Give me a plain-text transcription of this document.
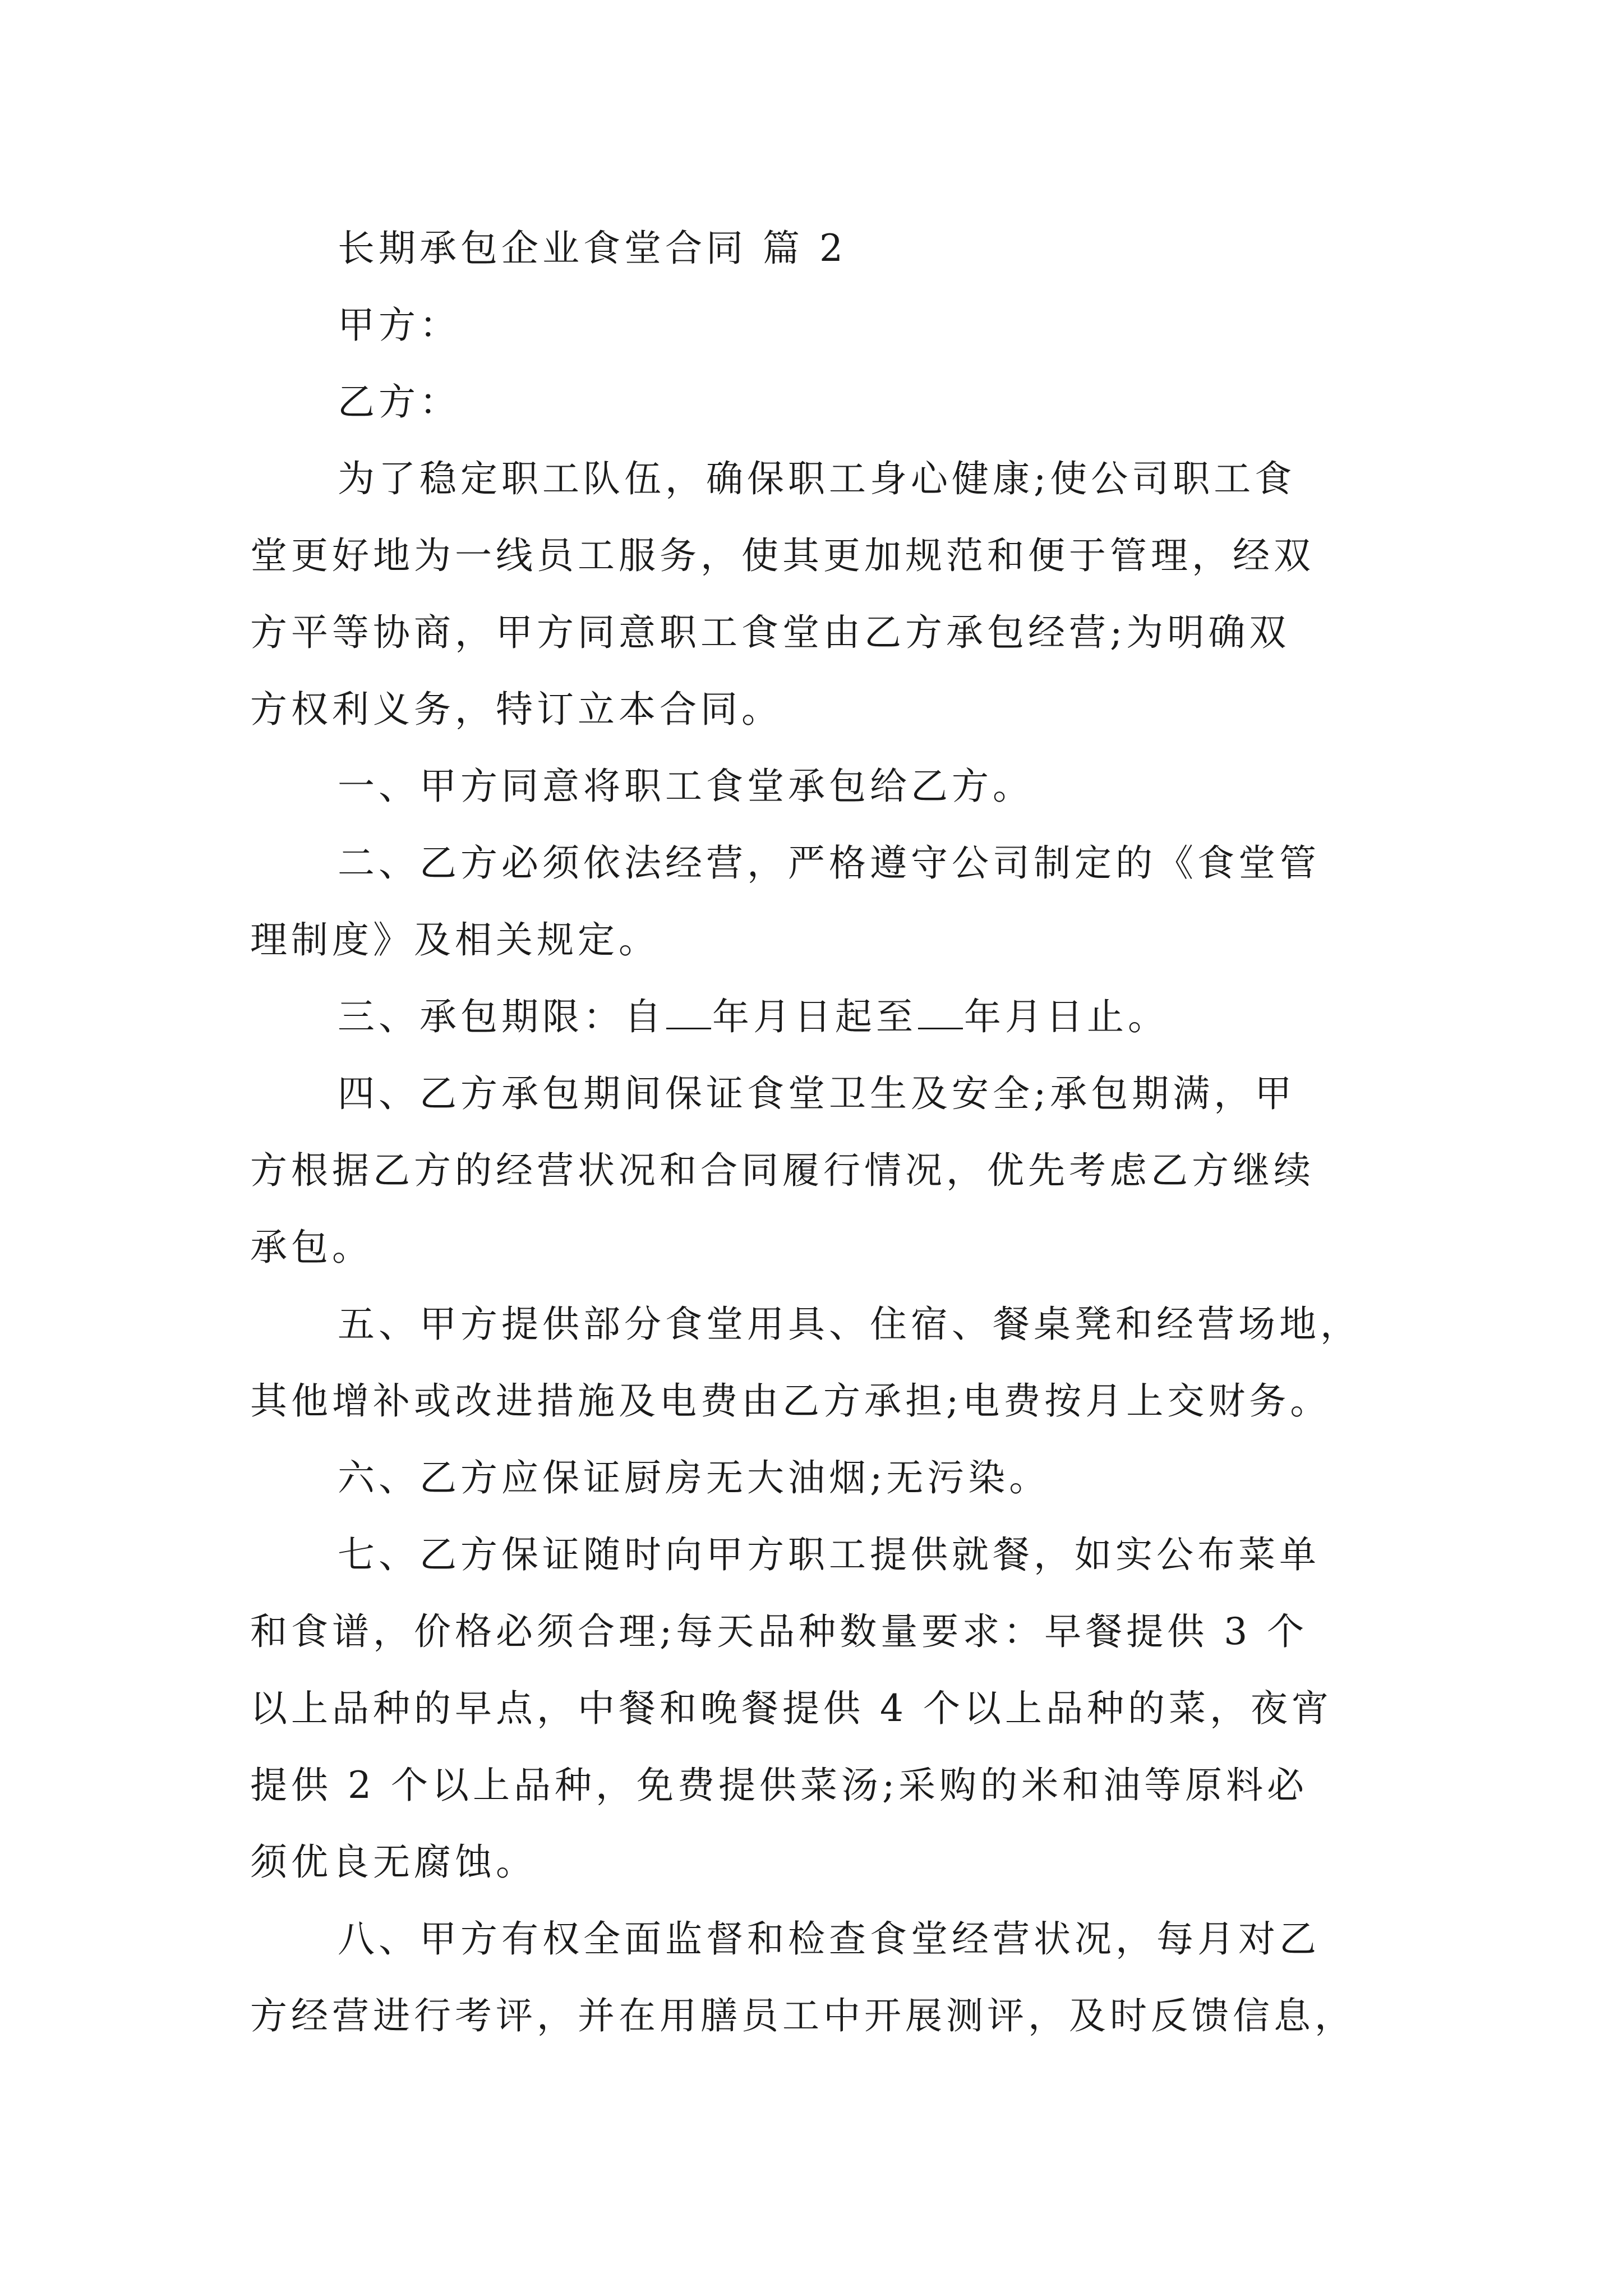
长期承包企业食堂合同 篇 2
甲方：
乙方：
为了稳定职工队伍，确保职工身心健康;使公司职工食
堂更好地为一线员工服务，使其更加规范和便于管理，经双
方平等协商，甲方同意职工食堂由乙方承包经营;为明确双
方权利义务，特订立本合同。
一、甲方同意将职工食堂承包给乙方。
二、乙方必须依法经营，严格遵守公司制定的《食堂管
理制度》及相关规定。
三、承包期限：自 年月日起至 年月日止。
四、乙方承包期间保证食堂卫生及安全;承包期满，甲
方根据乙方的经营状况和合同履行情况，优先考虑乙方继续
承包。
五、甲方提供部分食堂用具、住宿、餐桌凳和经营场地，
其他增补或改进措施及电费由乙方承担;电费按月上交财务。
六、乙方应保证厨房无大油烟;无污染。
七、乙方保证随时向甲方职工提供就餐，如实公布菜单
和食谱，价格必须合理;每天品种数量要求：早餐提供 3 个
以上品种的早点，中餐和晚餐提供 4 个以上品种的菜，夜宵
提供 2 个以上品种，免费提供菜汤;采购的米和油等原料必
须优良无腐蚀。
八、甲方有权全面监督和检查食堂经营状况，每月对乙
方经营进行考评，并在用膳员工中开展测评，及时反馈信息，
